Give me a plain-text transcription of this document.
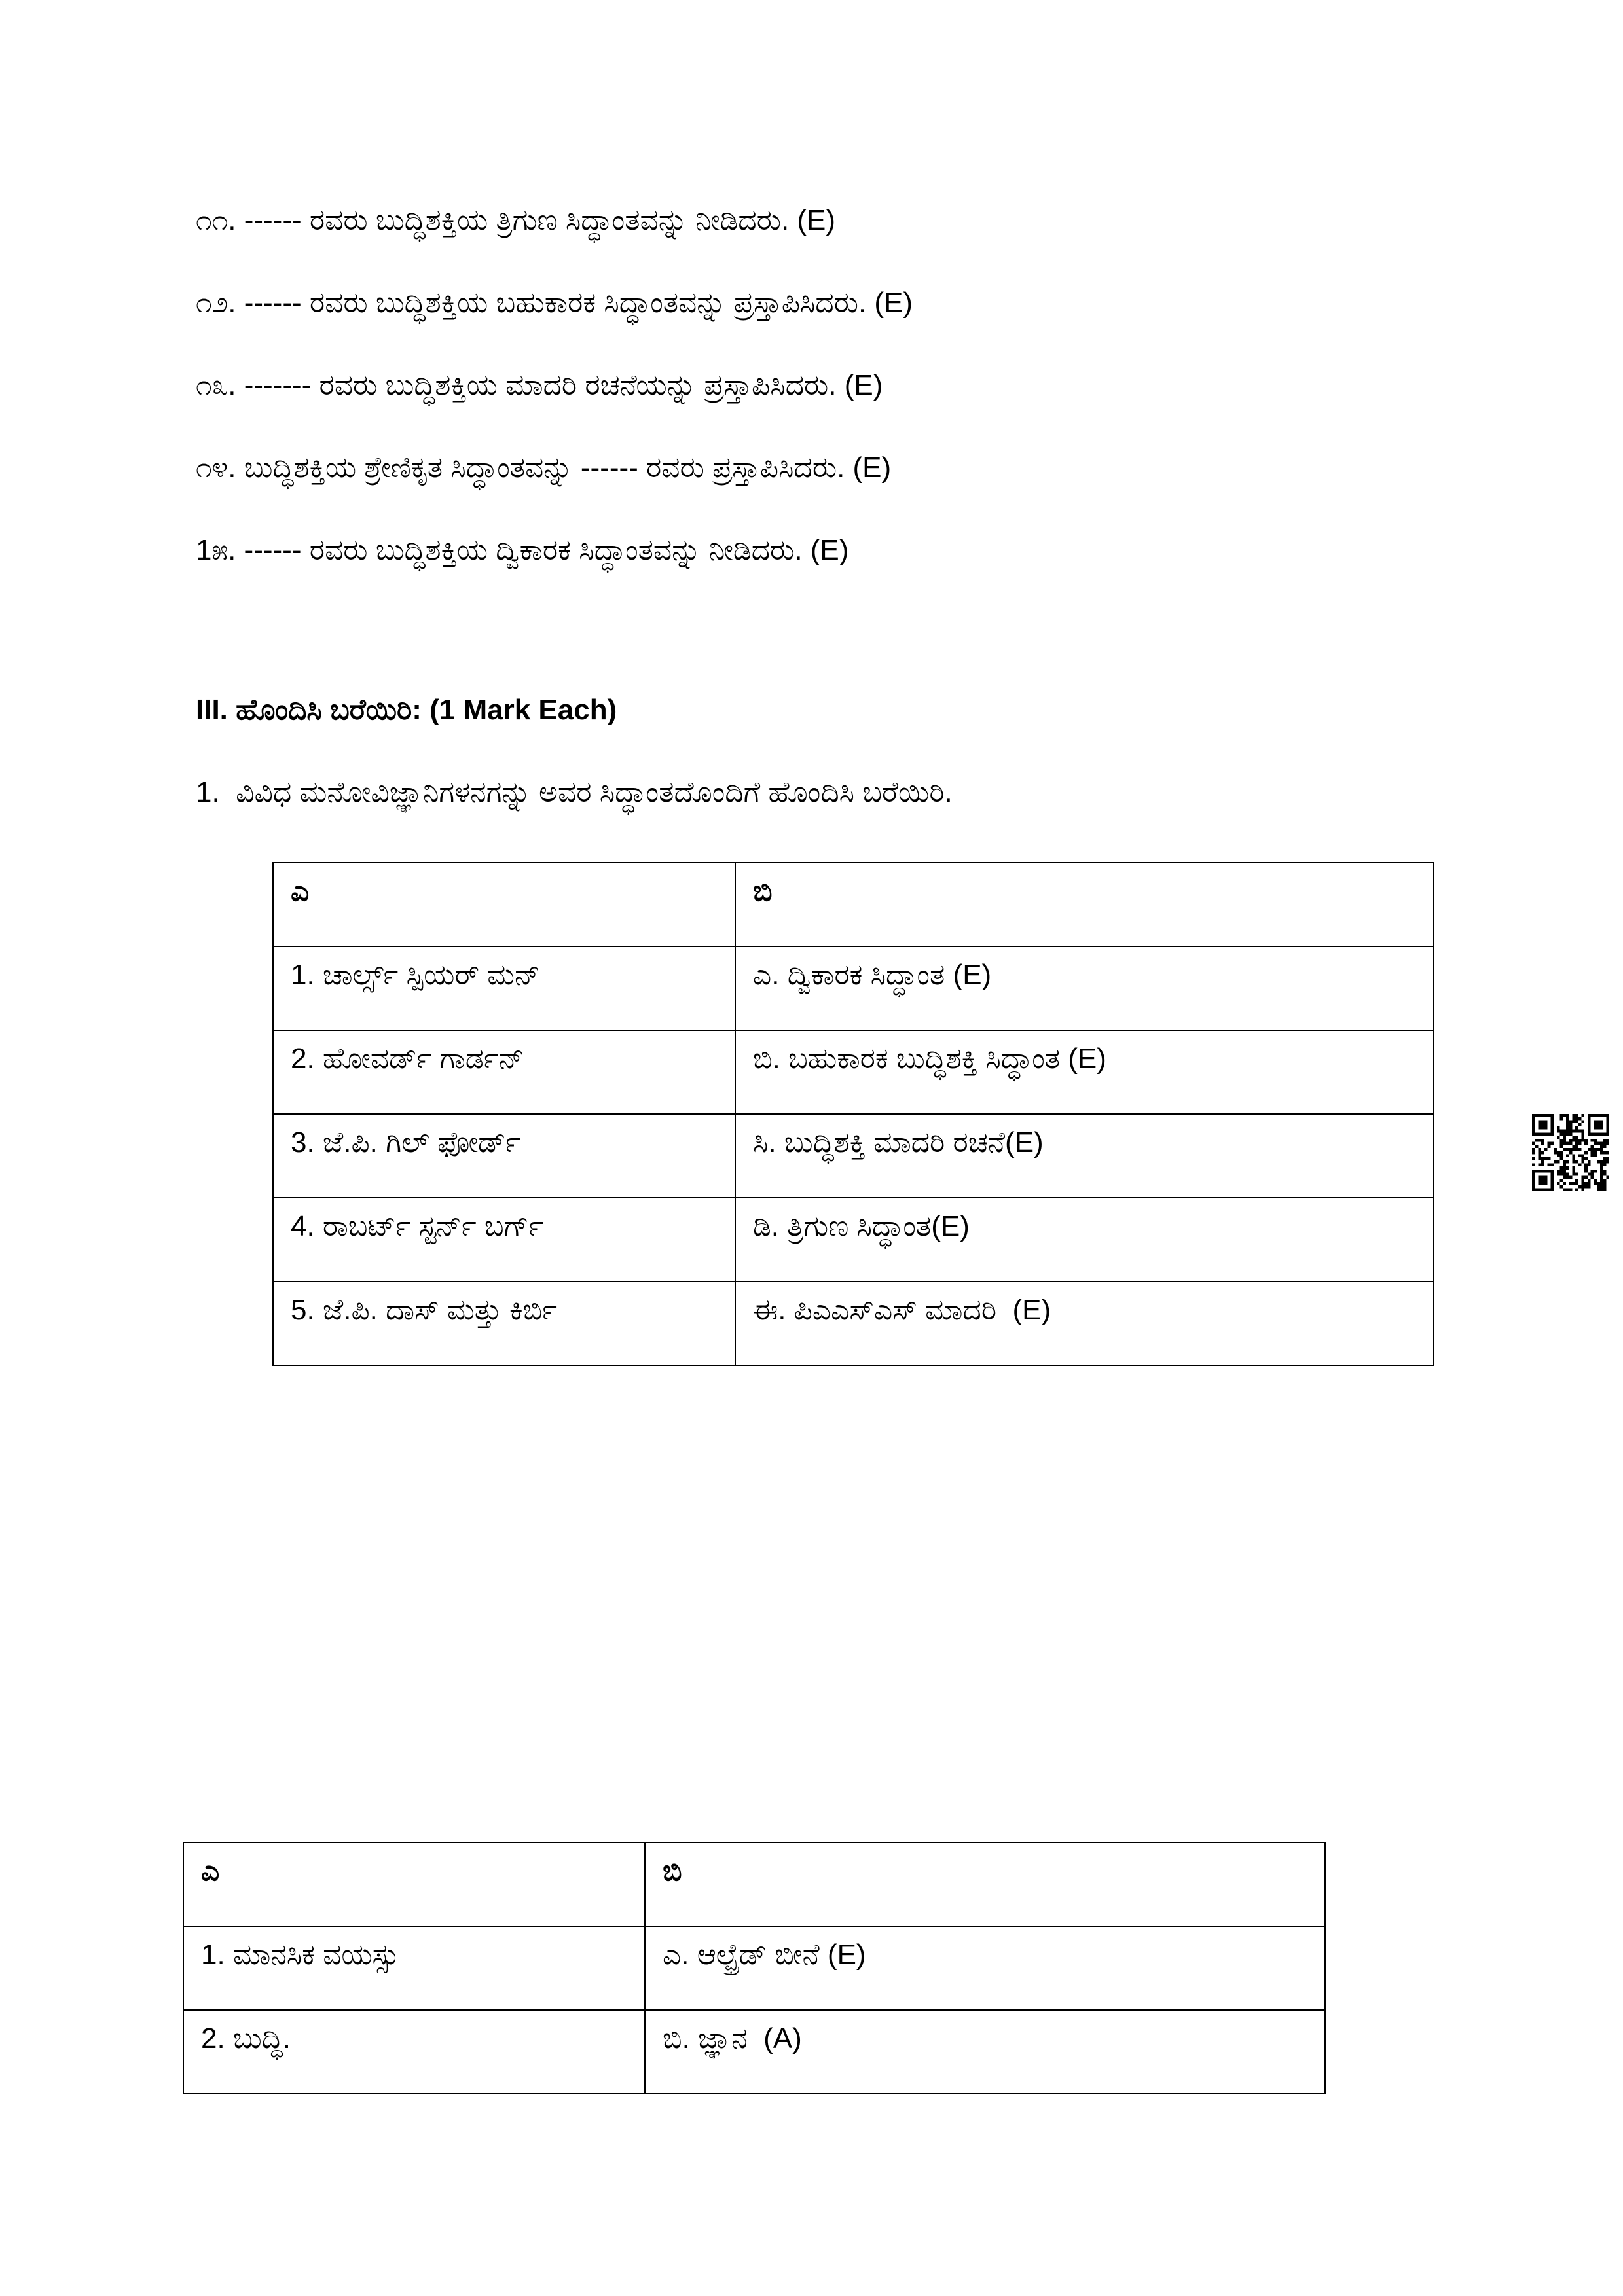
೧೧. ------ ರವರು ಬುದ್ಧಿಶಕ್ತಿಯ ತ್ರಿಗುಣ ಸಿದ್ಧಾಂತವನ್ನು ನೀಡಿದರು. (E)
೧೨. ------ ರವರು ಬುದ್ಧಿಶಕ್ತಿಯ ಬಹುಕಾರಕ ಸಿದ್ಧಾಂತವನ್ನು ಪ್ರಸ್ತಾಪಿಸಿದರು. (E)
೧೩. ------- ರವರು ಬುದ್ಧಿಶಕ್ತಿಯ ಮಾದರಿ ರಚನೆಯನ್ನು ಪ್ರಸ್ತಾಪಿಸಿದರು. (E)
೧೪. ಬುದ್ಧಿಶಕ್ತಿಯ ಶ್ರೇಣಿಕೃತ ಸಿದ್ಧಾಂತವನ್ನು ------ ರವರು ಪ್ರಸ್ತಾಪಿಸಿದರು. (E)
1೫. ------ ರವರು ಬುದ್ಧಿಶಕ್ತಿಯ ದ್ವಿಕಾರಕ ಸಿದ್ಧಾಂತವನ್ನು ನೀಡಿದರು. (E)
III. ಹೊಂದಿಸಿ ಬರೆಯಿರಿ: (1 Mark Each)
1.  ವಿವಿಧ ಮನೋವಿಜ್ಞಾನಿಗಳನಗನ್ನು ಅವರ ಸಿದ್ಧಾಂತದೊಂದಿಗೆ ಹೊಂದಿಸಿ ಬರೆಯಿರಿ.
ಎ	ಬಿ
1. ಚಾರ್ಲ್ಸ್ ಸ್ಪಿಯರ್ ಮನ್	ಎ. ದ್ವಿಕಾರಕ ಸಿದ್ಧಾಂತ (E)
2. ಹೋವರ್ಡ್ ಗಾರ್ಡನ್	ಬಿ. ಬಹುಕಾರಕ ಬುದ್ಧಿಶಕ್ತಿ ಸಿದ್ಧಾಂತ (E)
3. ಜೆ.ಪಿ. ಗಿಲ್ ಫೋರ್ಡ್	ಸಿ. ಬುದ್ಧಿಶಕ್ತಿ ಮಾದರಿ ರಚನೆ(E)
4. ರಾಬರ್ಟ್ ಸ್ಟರ್ನ್ ಬರ್ಗ್	ಡಿ. ತ್ರಿಗುಣ ಸಿದ್ಧಾಂತ(E)
5. ಜೆ.ಪಿ. ದಾಸ್ ಮತ್ತು ಕಿರ್ಬಿ	ಈ. ಪಿಎಎಸ್ಎಸ್ ಮಾದರಿ  (E)
ಎ	ಬಿ
1. ಮಾನಸಿಕ ವಯಸ್ಸು	ಎ. ಆಲ್ಫ್ರೆಡ್ ಬೀನೆ (E)
2. ಬುದ್ಧಿ.	ಬಿ. ಜ್ಞಾನ  (A)
